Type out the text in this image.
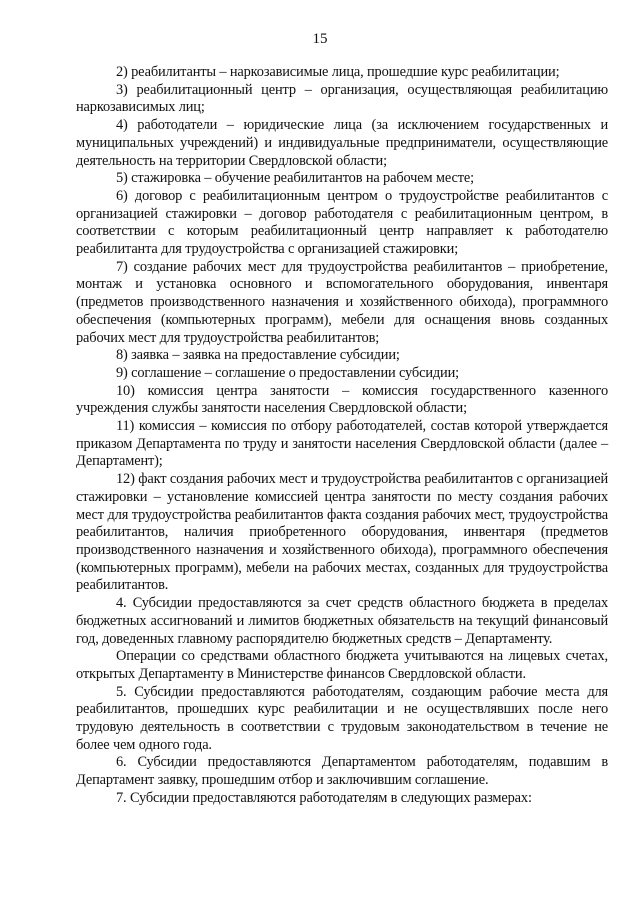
15

2) реабилитанты – наркозависимые лица, прошедшие курс реабилитации;

3) реабилитационный центр – организация, осуществляющая реабилитацию наркозависимых лиц;

4) работодатели – юридические лица (за исключением государственных и муниципальных учреждений) и индивидуальные предприниматели, осуществляющие деятельность на территории Свердловской области;

5) стажировка – обучение реабилитантов на рабочем месте;

6) договор с реабилитационным центром о трудоустройстве реабилитантов с организацией стажировки – договор работодателя с реабилитационным центром, в соответствии с которым реабилитационный центр направляет к работодателю реабилитанта для трудоустройства с организацией стажировки;

7) создание рабочих мест для трудоустройства реабилитантов – приобретение, монтаж и установка основного и вспомогательного оборудования, инвентаря (предметов производственного назначения и хозяйственного обихода), программного обеспечения (компьютерных программ), мебели для оснащения вновь созданных рабочих мест для трудоустройства реабилитантов;

8) заявка – заявка на предоставление субсидии;

9) соглашение – соглашение о предоставлении субсидии;

10) комиссия центра занятости – комиссия государственного казенного учреждения службы занятости населения Свердловской области;

11) комиссия – комиссия по отбору работодателей, состав которой утверждается приказом Департамента по труду и занятости населения Свердловской области (далее – Департамент);

12) факт создания рабочих мест и трудоустройства реабилитантов с организацией стажировки – установление комиссией центра занятости по месту создания рабочих мест для трудоустройства реабилитантов факта создания рабочих мест, трудоустройства реабилитантов, наличия приобретенного оборудования, инвентаря (предметов производственного назначения и хозяйственного обихода), программного обеспечения (компьютерных программ), мебели на рабочих местах, созданных для трудоустройства реабилитантов.

4. Субсидии предоставляются за счет средств областного бюджета в пределах бюджетных ассигнований и лимитов бюджетных обязательств на текущий финансовый год, доведенных главному распорядителю бюджетных средств – Департаменту.

Операции со средствами областного бюджета учитываются на лицевых счетах, открытых Департаменту в Министерстве финансов Свердловской области.

5. Субсидии предоставляются работодателям, создающим рабочие места для реабилитантов, прошедших курс реабилитации и не осуществлявших после него трудовую деятельность в соответствии с трудовым законодательством в течение не более чем одного года.

6. Субсидии предоставляются Департаментом работодателям, подавшим в Департамент заявку, прошедшим отбор и заключившим соглашение.

7. Субсидии предоставляются работодателям в следующих размерах:
